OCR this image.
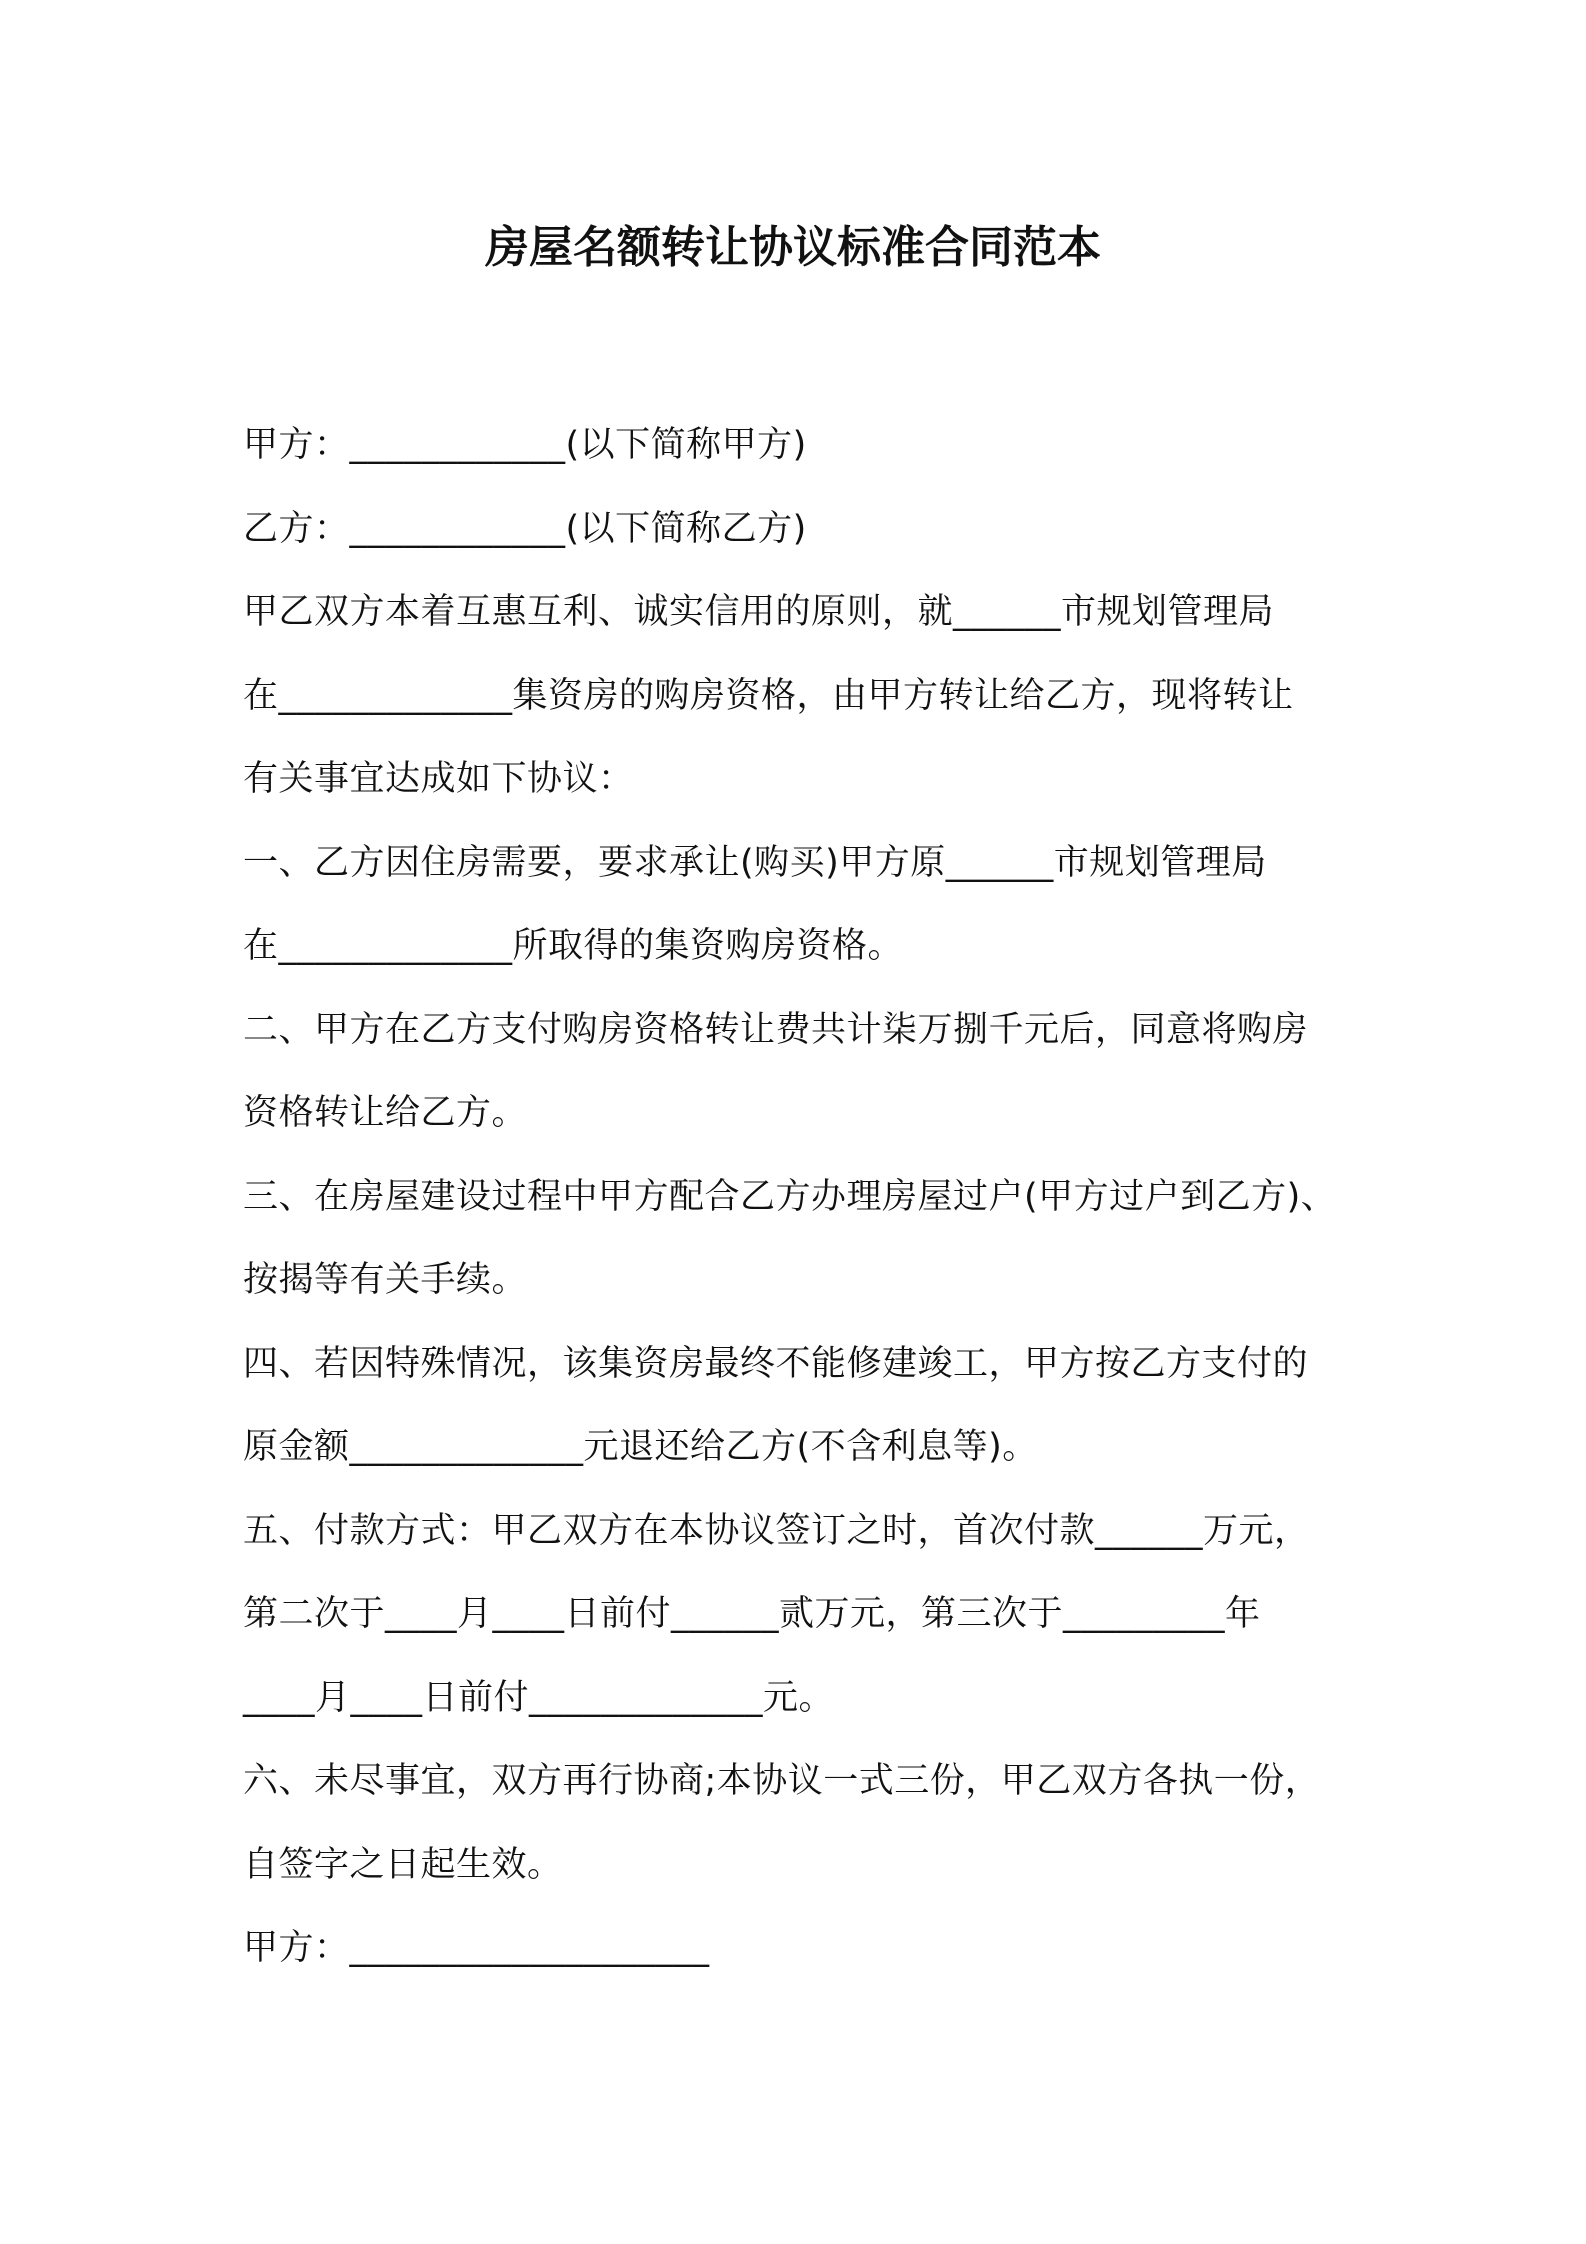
房屋名额转让协议标准合同范本
甲方：____________(以下简称甲方)
乙方：____________(以下简称乙方)
甲乙双方本着互惠互利、诚实信用的原则，就______市规划管理局
在_____________集资房的购房资格，由甲方转让给乙方，现将转让
有关事宜达成如下协议：
一、乙方因住房需要，要求承让(购买)甲方原______市规划管理局
在_____________所取得的集资购房资格。
二、甲方在乙方支付购房资格转让费共计柒万捌千元后，同意将购房
资格转让给乙方。
三、在房屋建设过程中甲方配合乙方办理房屋过户(甲方过户到乙方)、
按揭等有关手续。
四、若因特殊情况，该集资房最终不能修建竣工，甲方按乙方支付的
原金额_____________元退还给乙方(不含利息等)。
五、付款方式：甲乙双方在本协议签订之时，首次付款______万元，
第二次于____月____日前付______贰万元，第三次于_________年
____月____日前付_____________元。
六、未尽事宜，双方再行协商;本协议一式三份，甲乙双方各执一份，
自签字之日起生效。
甲方：____________________
